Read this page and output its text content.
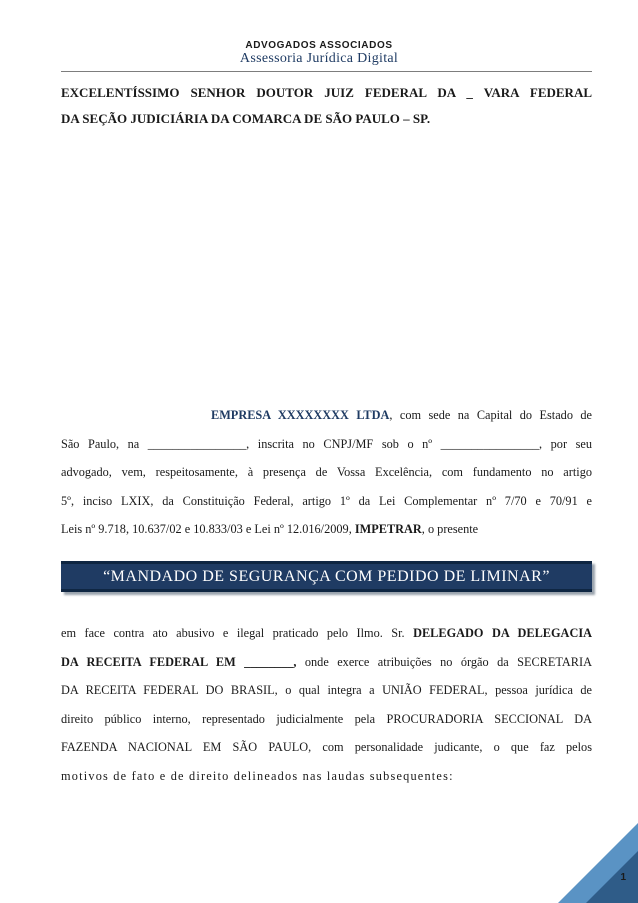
ADVOGADOS ASSOCIADOS
Assessoria Jurídica Digital
EXCELENTÍSSIMO SENHOR DOUTOR JUIZ FEDERAL DA _ VARA FEDERAL
DA SEÇÃO JUDICIÁRIA DA COMARCA DE SÃO PAULO – SP.
EMPRESA XXXXXXXX LTDA, com sede na Capital do Estado de
São Paulo, na ________________, inscrita no CNPJ/MF sob o nº ________________, por seu
advogado, vem, respeitosamente, à presença de Vossa Excelência, com fundamento no artigo
5º, inciso LXIX, da Constituição Federal, artigo 1º da Lei Complementar nº 7/70 e 70/91 e
Leis nº 9.718, 10.637/02 e 10.833/03 e Lei nº 12.016/2009, IMPETRAR, o presente
“MANDADO DE SEGURANÇA COM PEDIDO DE LIMINAR”
em face contra ato abusivo e ilegal praticado pelo Ilmo. Sr. DELEGADO DA DELEGACIA
DA RECEITA FEDERAL EM ________, onde exerce atribuições no órgão da SECRETARIA
DA RECEITA FEDERAL DO BRASIL, o qual integra a UNIÃO FEDERAL, pessoa jurídica de
direito público interno, representado judicialmente pela PROCURADORIA SECCIONAL DA
FAZENDA NACIONAL EM SÃO PAULO, com personalidade judicante, o que faz pelos
motivos de fato e de direito delineados nas laudas subsequentes:
1
